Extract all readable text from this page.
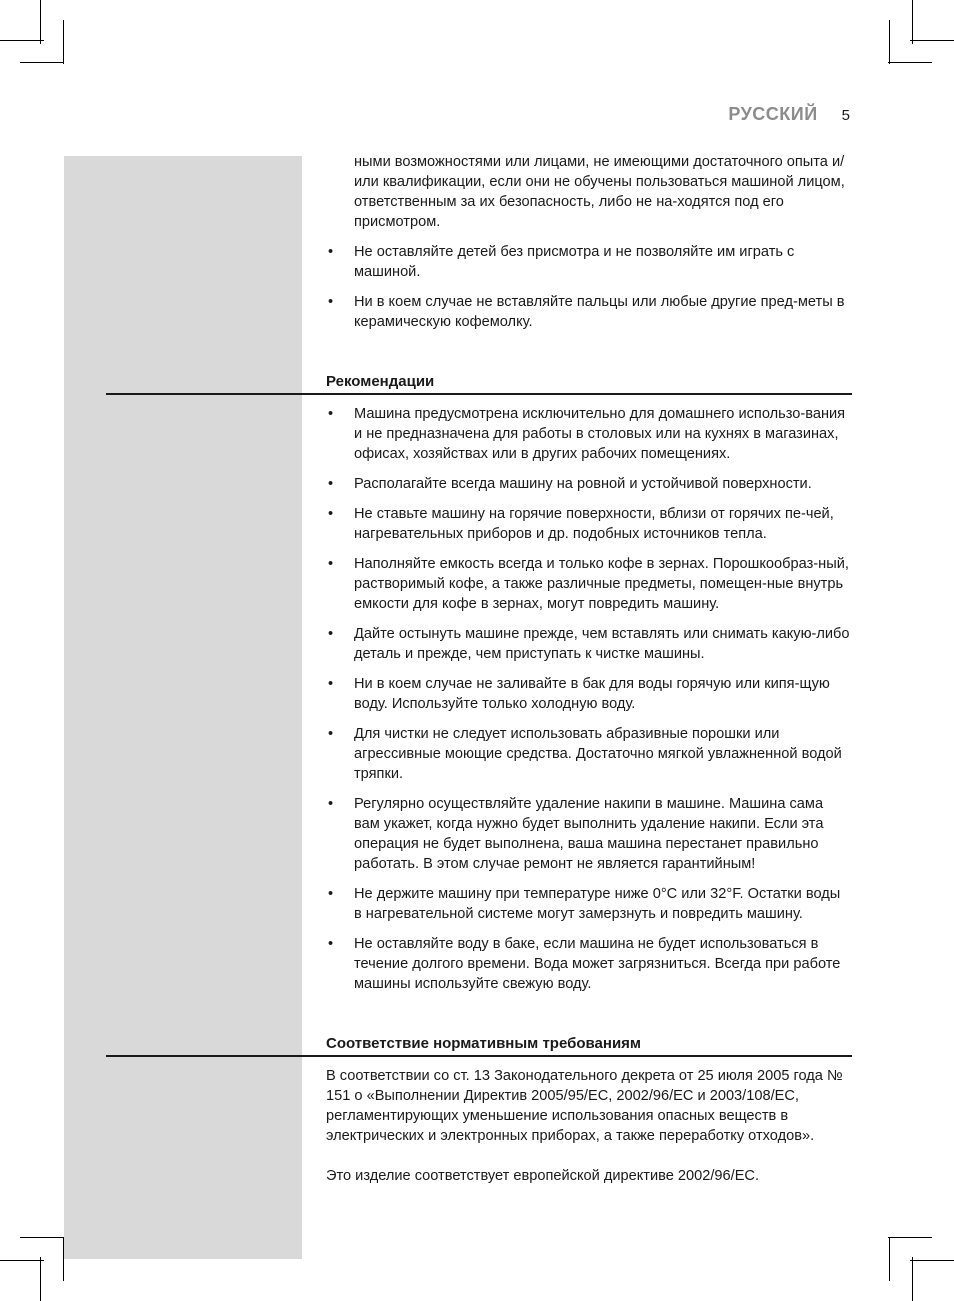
РУССКИЙ 5

ными возможностями или лицами, не имеющими достаточного опыта и/или квалификации, если они не обучены пользоваться машиной лицом, ответственным за их безопасность, либо не на-ходятся под его присмотром.

• Не оставляйте детей без присмотра и не позволяйте им играть с машиной.
• Ни в коем случае не вставляйте пальцы или любые другие пред-меты в керамическую кофемолку.
Рекомендации
• Машина предусмотрена исключительно для домашнего использо-вания и не предназначена для работы в столовых или на кухнях в магазинах, офисах, хозяйствах или в других рабочих помещениях.
• Располагайте всегда машину на ровной и устойчивой поверхности.
• Не ставьте машину на горячие поверхности, вблизи от горячих пе-чей, нагревательных приборов и др. подобных источников тепла.
• Наполняйте емкость всегда и только кофе в зернах. Порошкообраз-ный, растворимый кофе, а также различные предметы, помещен-ные внутрь емкости для кофе в зернах, могут повредить машину.
• Дайте остынуть машине прежде, чем вставлять или снимать какую-либо деталь и прежде, чем приступать к чистке машины.
• Ни в коем случае не заливайте в бак для воды горячую или кипя-щую воду. Используйте только холодную воду.
• Для чистки не следует использовать абразивные порошки или агрессивные моющие средства. Достаточно мягкой увлажненной водой тряпки.
• Регулярно осуществляйте удаление накипи в машине. Машина сама вам укажет, когда нужно будет выполнить удаление накипи. Если эта операция не будет выполнена, ваша машина перестанет правильно работать. В этом случае ремонт не является гарантийным!
• Не держите машину при температуре ниже 0°C или 32°F. Остатки воды в нагревательной системе могут замерзнуть и повредить машину.
• Не оставляйте воду в баке, если машина не будет использоваться в течение долгого времени. Вода может загрязниться. Всегда при работе машины используйте свежую воду.
Соответствие нормативным требованиям

В соответствии со ст. 13 Законодательного декрета от 25 июля 2005 года № 151 о «Выполнении Директив 2005/95/ЕС, 2002/96/ЕС и 2003/108/ЕС, регламентирующих уменьшение использования опасных веществ в электрических и электронных приборах, а также переработку отходов».

Это изделие соответствует европейской директиве 2002/96/ЕС.
